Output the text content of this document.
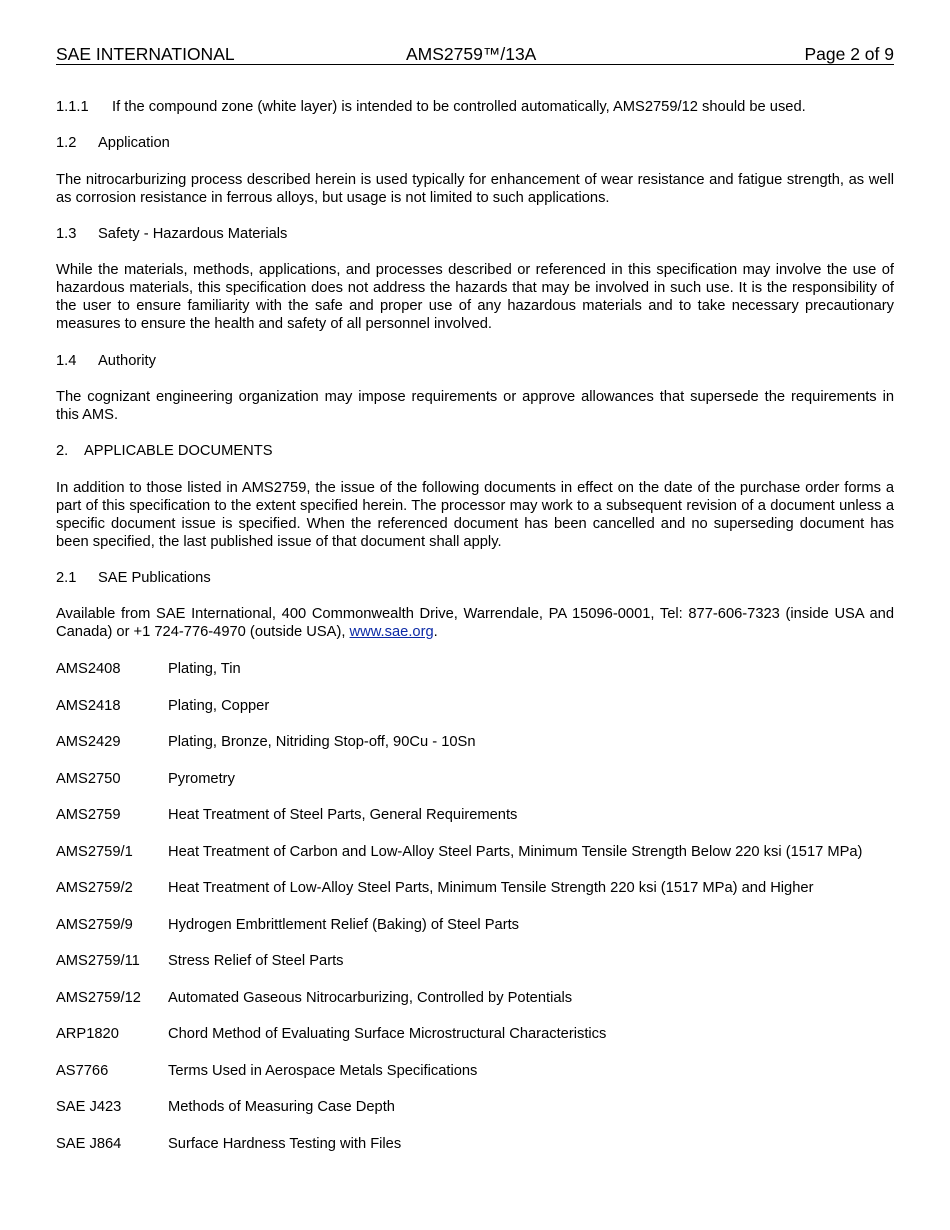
SAE INTERNATIONAL	AMS2759™/13A	Page 2 of 9
1.1.1 If the compound zone (white layer) is intended to be controlled automatically, AMS2759/12 should be used.
1.2 Application

The nitrocarburizing process described herein is used typically for enhancement of wear resistance and fatigue strength, as well as corrosion resistance in ferrous alloys, but usage is not limited to such applications.

1.3 Safety - Hazardous Materials

While the materials, methods, applications, and processes described or referenced in this specification may involve the use of hazardous materials, this specification does not address the hazards that may be involved in such use. It is the responsibility of the user to ensure familiarity with the safe and proper use of any hazardous materials and to take necessary precautionary measures to ensure the health and safety of all personnel involved.

1.4 Authority

The cognizant engineering organization may impose requirements or approve allowances that supersede the requirements in this AMS.

2. APPLICABLE DOCUMENTS

In addition to those listed in AMS2759, the issue of the following documents in effect on the date of the purchase order forms a part of this specification to the extent specified herein. The processor may work to a subsequent revision of a document unless a specific document issue is specified. When the referenced document has been cancelled and no superseding document has been specified, the last published issue of that document shall apply.

2.1 SAE Publications

Available from SAE International, 400 Commonwealth Drive, Warrendale, PA 15096-0001, Tel: 877-606-7323 (inside USA and Canada) or +1 724-776-4970 (outside USA), www.sae.org.

AMS2408	Plating, Tin
AMS2418	Plating, Copper
AMS2429	Plating, Bronze, Nitriding Stop-off, 90Cu - 10Sn
AMS2750	Pyrometry
AMS2759	Heat Treatment of Steel Parts, General Requirements
AMS2759/1 Heat Treatment of Carbon and Low-Alloy Steel Parts, Minimum Tensile Strength Below 220 ksi (1517 MPa)
AMS2759/2 Heat Treatment of Low-Alloy Steel Parts, Minimum Tensile Strength 220 ksi (1517 MPa) and Higher
AMS2759/9 Hydrogen Embrittlement Relief (Baking) of Steel Parts
AMS2759/11 Stress Relief of Steel Parts
AMS2759/12 Automated Gaseous Nitrocarburizing, Controlled by Potentials
ARP1820	Chord Method of Evaluating Surface Microstructural Characteristics
AS7766	Terms Used in Aerospace Metals Specifications
SAE J423	Methods of Measuring Case Depth
SAE J864	Surface Hardness Testing with Files
